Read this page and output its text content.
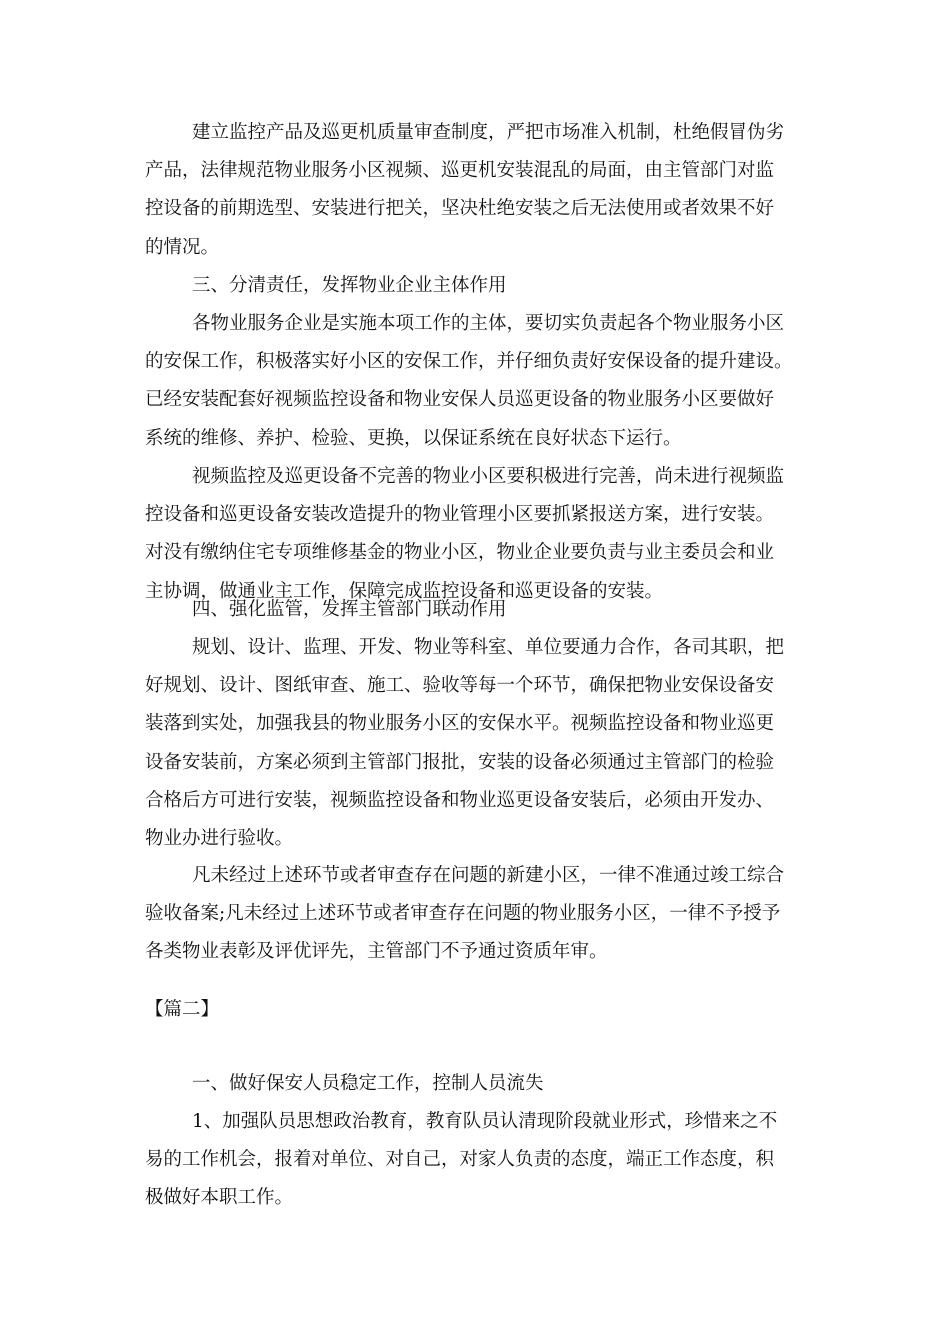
建立监控产品及巡更机质量审查制度，严把市场准入机制，杜绝假冒伪劣
产品，法律规范物业服务小区视频、巡更机安装混乱的局面，由主管部门对监
控设备的前期选型、安装进行把关，坚决杜绝安装之后无法使用或者效果不好
的情况。
三、分清责任，发挥物业企业主体作用
各物业服务企业是实施本项工作的主体，要切实负责起各个物业服务小区
的安保工作，积极落实好小区的安保工作，并仔细负责好安保设备的提升建设。
已经安装配套好视频监控设备和物业安保人员巡更设备的物业服务小区要做好
系统的维修、养护、检验、更换，以保证系统在良好状态下运行。
视频监控及巡更设备不完善的物业小区要积极进行完善，尚未进行视频监
控设备和巡更设备安装改造提升的物业管理小区要抓紧报送方案，进行安装。
对没有缴纳住宅专项维修基金的物业小区，物业企业要负责与业主委员会和业
主协调，做通业主工作，保障完成监控设备和巡更设备的安装。
四、强化监管，发挥主管部门联动作用
规划、设计、监理、开发、物业等科室、单位要通力合作，各司其职，把
好规划、设计、图纸审查、施工、验收等每一个环节，确保把物业安保设备安
装落到实处，加强我县的物业服务小区的安保水平。视频监控设备和物业巡更
设备安装前，方案必须到主管部门报批，安装的设备必须通过主管部门的检验
合格后方可进行安装，视频监控设备和物业巡更设备安装后，必须由开发办、
物业办进行验收。
凡未经过上述环节或者审查存在问题的新建小区，一律不准通过竣工综合
验收备案;凡未经过上述环节或者审查存在问题的物业服务小区，一律不予授予
各类物业表彰及评优评先，主管部门不予通过资质年审。
【篇二】
一、做好保安人员稳定工作，控制人员流失
1、加强队员思想政治教育，教育队员认清现阶段就业形式，珍惜来之不
易的工作机会，报着对单位、对自己，对家人负责的态度，端正工作态度，积
极做好本职工作。
